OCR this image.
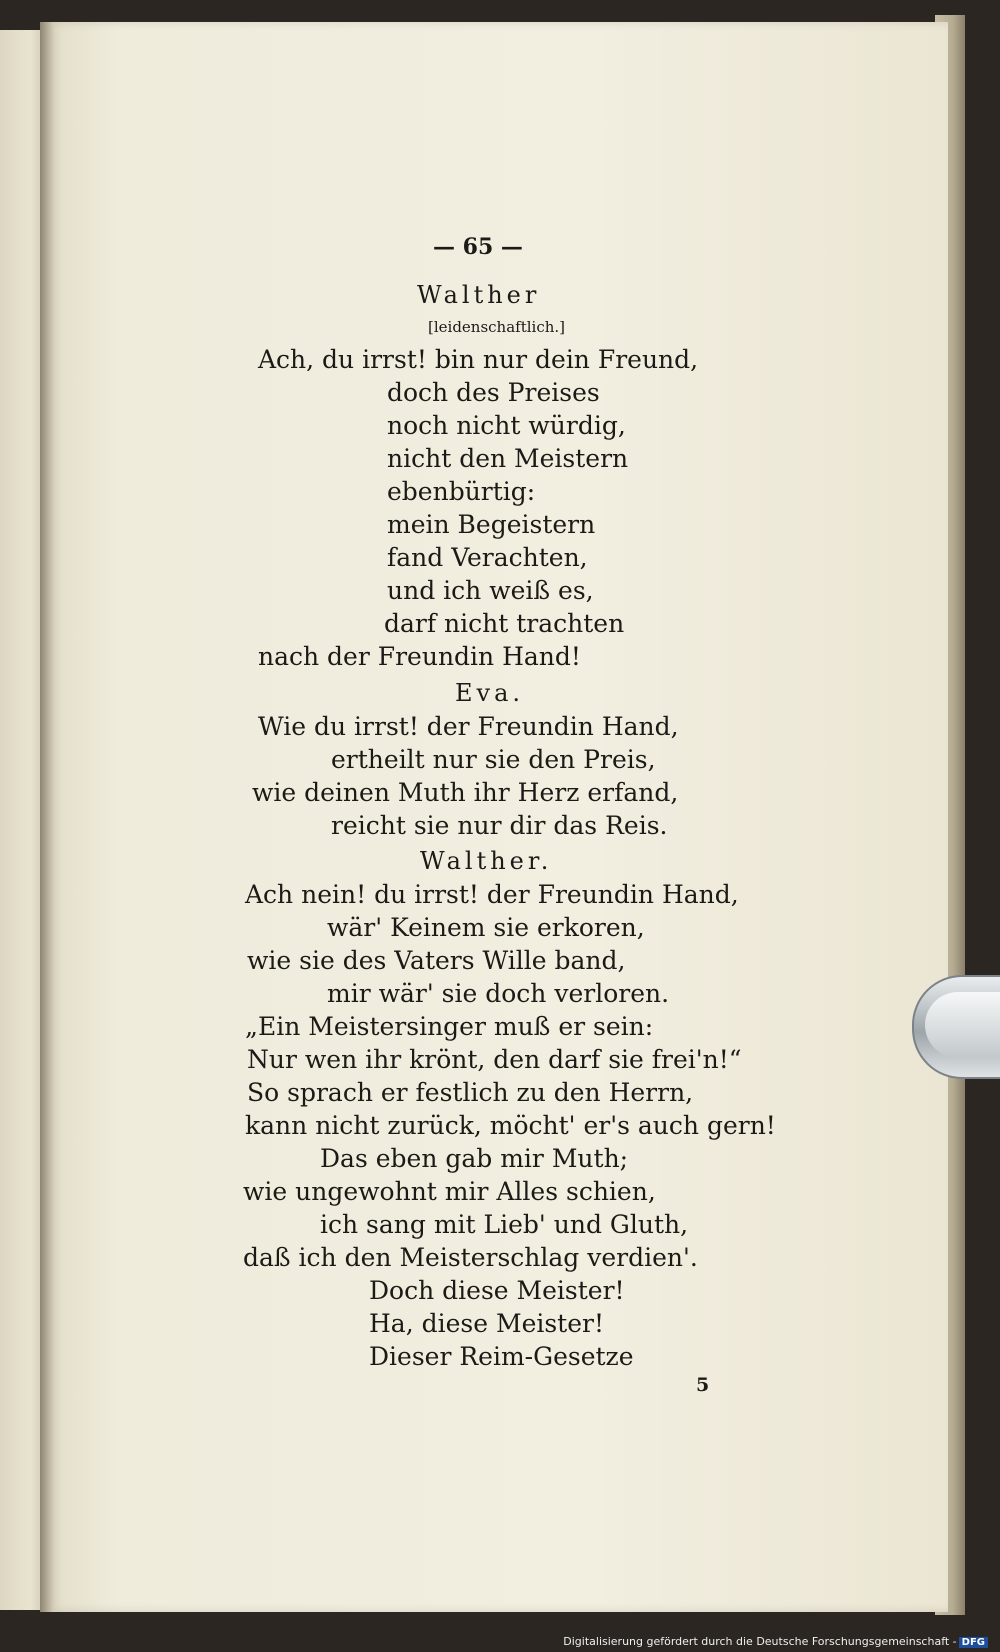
— 65 —
Walther
[leidenschaftlich.]
Ach, du irrst! bin nur dein Freund,
doch des Preises
noch nicht würdig,
nicht den Meistern
ebenbürtig:
mein Begeistern
fand Verachten,
und ich weiß es,
darf nicht trachten
nach der Freundin Hand!
Eva.
Wie du irrst! der Freundin Hand,
ertheilt nur sie den Preis,
wie deinen Muth ihr Herz erfand,
reicht sie nur dir das Reis.
Walther.
Ach nein! du irrst! der Freundin Hand,
wär' Keinem sie erkoren,
wie sie des Vaters Wille band,
mir wär' sie doch verloren.
„Ein Meistersinger muß er sein:
Nur wen ihr krönt, den darf sie frei'n!“
So sprach er festlich zu den Herrn,
kann nicht zurück, möcht' er's auch gern!
Das eben gab mir Muth;
wie ungewohnt mir Alles schien,
ich sang mit Lieb' und Gluth,
daß ich den Meisterschlag verdien'.
Doch diese Meister!
Ha, diese Meister!
Dieser Reim-Gesetze
5
Digitalisierung gefördert durch die Deutsche Forschungsgemeinschaft - DFG
